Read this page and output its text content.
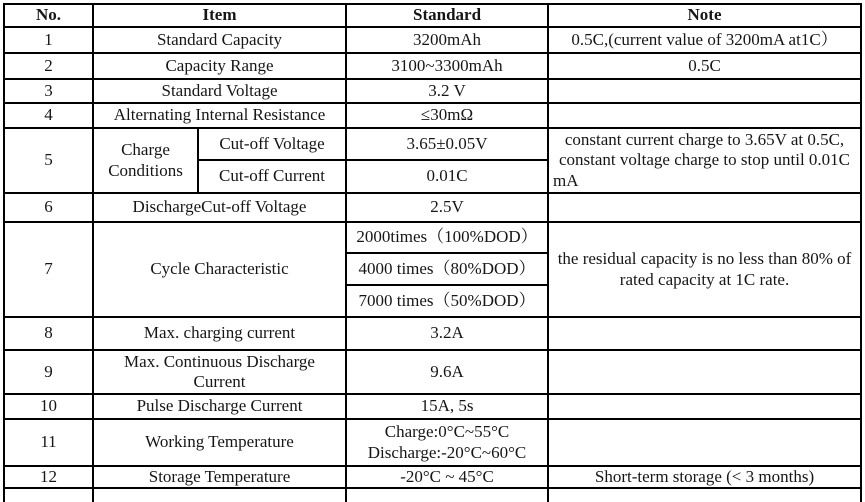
No.	Item		Standard	Note
1	Standard Capacity		3200mAh	0.5C,(current value of 3200mA at1C）
2	Capacity Range		3100~3300mAh	0.5C
3	Standard Voltage		3.2 V	
4	Alternating Internal Resistance		≤30mΩ	
5	Charge Conditions	Cut-off Voltage	3.65±0.05V	constant current charge to 3.65V at 0.5C, constant voltage charge to stop until 0.01C mA
		Cut-off Current	0.01C	
6	DischargeCut-off Voltage		2.5V	
7	Cycle Characteristic		2000times（100%DOD）	the residual capacity is no less than 80% of rated capacity at 1C rate.
			4000 times（80%DOD）	
			7000 times（50%DOD）	
8	Max. charging current		3.2A	
9	Max. Continuous Discharge Current		9.6A	
10	Pulse Discharge Current		15A, 5s	
11	Working Temperature		Charge:0°C~55°C
Discharge:-20°C~60°C	

12	Storage Temperature		-20°C ~ 45°C	Short-term storage (< 3 months)
